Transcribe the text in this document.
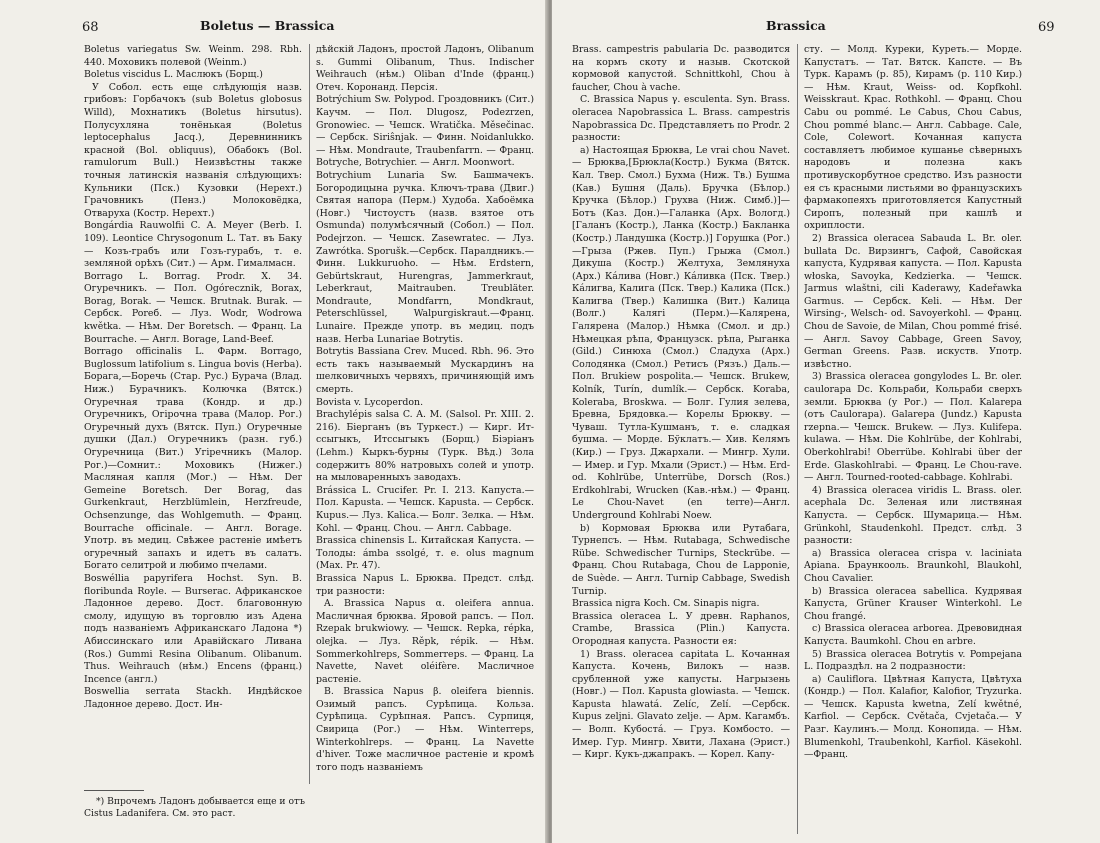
68	Boletus — Brassica

Boletus variegatus Sw. Weinm. 298. Rbh. 440. Моховикъ полевой (Weinm.)

Boletus viscidus L. Маслюкъ (Борщ.)

У Собол. есть еще слѣдующія назв. грибовъ: Горбачокъ (sub Boletus globosus Willd), Мохнатикъ (Boletus hirsutus). Полусухляна тонёнькая (Boletus leptocephalus Jacq.), Деревнинникъ красной (Bol. obliquus), Обабокъ (Bol. ramulorum Bull.) Неизвѣстны также точныя латинскія названія слѣдующихъ: Кульники (Пск.) Кузовки (Нерехт.) Грачовникъ (Пенз.) Молоковёдка, Отваруха (Костр. Нерехт.)

Bongárdia Rauwolfii C. A. Meyer (Berb. I. 109). Leontice Chrysogonum L. Тат. въ Баку — Козъ-грабъ или Гозъ-гурабъ, т. е. земляной орѣхъ (Сит.) — Арм. Гималмасн.

Borrago L. Borrag. Prodr. X. 34. Огуречникъ. — Пол. Ogórecznik, Borax, Borag, Borak. — Чешск. Brutnak. Burak. — Сербск. Poreб. — Луз. Wodr, Wodrowa kwětka. — Нѣм. Der Boretsch. — Франц. La Bourrache. — Англ. Borage, Land-Beef.

Borrago officinalis L. Фарм. Borrago, Buglossum latifolium s. Lingua bovis (Herba). Борага,—Боречь (Стар. Рус.) Бурача (Влад. Ниж.) Бурачникъ. Колючка (Вятск.) Огуречная трава (Кондр. и др.) Огуречникъ, Огірочна трава (Малор. Рог.) Огуречный духъ (Вятск. Пуп.) Огуречные душки (Дал.) Огуречникъ (разн. губ.) Огуречница (Вит.) Угіречникъ (Малор. Рог.)—Сомнит.: Моховикъ (Нижег.) Масляная капля (Мог.) — Нѣм. Der Gemeine Boretsch. Der Borag, das Gurkenkraut, Herzblümlein, Herzfreude, Ochsenzunge, das Wohlgemuth. — Франц. Bourrache officinale. — Англ. Borage. Употр. въ медиц. Свѣжее растеніе имѣетъ огуречный запахъ и идетъ въ салатъ. Богато селитрой и любимо пчелами.

Boswéllia papyrifera Hochst. Syn. B. floribunda Royle. — Burserac. Африканское Ладонное дерево. Дост. благовонную смолу, идущую въ торговлю изъ Адена подъ названіемъ Африканскаго Ладона *) Абиссинскаго или Аравійскаго Ливана (Ros.) Gummi Resina Olibanum. Olibanum. Thus. Weihrauch (нѣм.) Encens (франц.) Incence (англ.)

Boswellia serrata Stackh. Индѣйское Ладонное дерево. Дост. Ин-

дѣйскій Ладонъ, простой Ладонъ, Olibanum s. Gummi Olibanum, Thus. Indischer Weihrauch (нѣм.) Oliban d'Inde (франц.) Отеч. Коронанд. Персія.

Botrýchium Sw. Polypod. Гроздовникъ (Сит.) Каучм. — Пол. Dlugosz, Podezrzen, Gronowiec. — Чешск. Wratička. Měsečinac. — Сербск. Siriŝnjak. — Финн. Noidanlukko. — Нѣм. Mondraute, Traubenfarrn. — Франц. Botryche, Botrychier. — Англ. Moonwort.

Botrychium Lunaria Sw. Башмачекъ. Богородицына ручка. Ключъ-трава (Двиг.) Святая напора (Перм.) Худоба. Хабоёмка (Новг.) Чистоустъ (назв. взятое отъ Osmunda) полумѣсячный (Собол.) — Пол. Podejrzon. — Чешск. Zasewratec. — Луз. Zawrótka. Sporušk.—Сербск. Паралдникъ.—Финн. Lukkuruoho. — Нѣм. Erdstern, Gebürtskraut, Hurengras, Jammerkraut, Leberkraut, Maitrauben. Treubläter. Mondraute, Mondfarrn, Mondkraut, Peterschlüssel, Walpurgiskraut.—Франц. Lunaire. Прежде употр. въ медиц. подъ назв. Herba Lunariae Botrytis.

Botrytis Bassiana Crev. Muced. Rbh. 96. Это есть такъ называемый Мускардинъ на шелковичныхъ червяхъ, причиняющій имъ смерть.

Bovista v. Lycoperdon.

Brachylépis salsa C. A. M. (Salsol. Pr. XIII. 2. 216). Біерганъ (въ Туркест.) — Кирг. Ит-ссыгыкъ, Итссыгыкъ (Борщ.) Біэріанъ (Lehm.) Кыркъ-бурны (Турк. Вѣд.) Зола содержитъ 80% натровыхъ солей и употр. на мыловаренныхъ заводахъ.

Brássica L. Crucifer. Pr. I. 213. Капуста.— Пол. Kapusta. — Чешск. Kapusta. — Сербск. Кupus.— Луз. Kalica.— Болг. Зелка. — Нѣм. Kohl. — Франц. Chou. — Англ. Cabbage.

Brassica chinensis L. Китайская Капуста. — Толоды: ámba ssolgé, т. е. olus magnum (Max. Pr. 47).

Brassica Napus L. Брюква. Предст. слѣд. три разности:

A. Brassica Napus α. oleifera annua. Масличная брюква. Яровой рапсъ. — Пол. Rzepak brukwiowy. — Чешск. Repka, répka, olejka. — Луз. Rěpk, répik. — Нѣм. Sommerkohlreps, Sommerreps. — Франц. La Navette, Navet oléifère. Масличное растеніе.

B. Brassica Napus β. oleifera biennis. Озимый рапсъ. Сурѣпица. Кольза. Сурѣпица. Сурѣпная. Рапсъ. Сурпиця, Свирица (Рог.) — Нѣм. Winterreps, Winterkohlreps. — Франц. La Navette d'hiver. Тоже масличное растеніе и кромѣ того подъ названіемъ

*) Впрочемъ Ладонъ добывается еще и отъ Cistus Ladanifera. См. это раст.
Brassica	69

Brass. campestris pabularia Dc. разводится на кормъ скоту и назыв. Скотской кормовой капустой. Schnittkohl, Chou à faucher, Chou à vache.

C. Brassica Napus γ. esculenta. Syn. Brass. oleracea Napobrassica L. Brass. campestris Napobrassica Dc. Представляетъ по Prodr. 2 разности:

a) Настоящая Брюква, Le vrai chou Navet.— Брюква,[Брюкла(Костр.) Букма (Вятск. Кал. Твер. Смол.) Бухма (Ниж. Тв.) Бушма (Кав.) Бушня (Даль). Бручка (Бѣлор.) Кручка (Бѣлор.) Грухва (Ниж. Симб.)]—Ботъ (Каз. Дон.)—Галанка (Арх. Вологд.) [Галанъ (Костр.), Ланка (Костр.) Бакланка (Костр.) Ландушка (Костр.)] Горушка (Рог.)—Грыза (Ржев. Пуп.) Грыжа (Смол.) Дикуша (Костр.) Желтуха, Землянуха (Арх.) Кáлива (Новг.) Кáливка (Пск. Твер.) Кáлигва, Калига (Пск. Твер.) Калика (Пск.) Калигва (Твер.) Калишка (Вит.) Калица (Волг.) Калягі (Перм.)—Калярена, Галярена (Малор.) Нѣмка (Смол. и др.) Нѣмецкая рѣпа, Французск. рѣпа, Рыганка (Gild.) Синюха (Смол.) Сладуха (Арх.) Солодянка (Смол.) Ретисъ (Рязъ.) Даль.— Пол. Brukiew pospolita.— Чешск. Brukew, Kolník, Turín, dumlík.— Сербск. Koraba, Koleraba, Broskwa. — Болг. Гулия зелева, Бревна, Брядовка.— Корелы Брюкву. — Чуваш. Тутла-Кушманъ, т. е. сладкая бушма. — Морде. Бўклатъ.— Хив. Келямъ (Кир.) — Груз. Джархали. — Мингр. Хули. — Имер. и Гур. Мхали (Эрист.) — Нѣм. Erd- od. Kohlrübe, Unterrübe, Dorsch (Ros.) Erdkohlrabi, Wrucken (Кав.-нѣм.) — Франц. Le Chou-Navet (en terre)—Англ. Underground Kohlrabi Noew.

b) Кормовая Брюква или Рутабага, Турнепсъ. — Нѣм. Rutabaga, Schwedische Rübe. Schwedischer Turnips, Steckrübe. — Франц. Chou Rutabaga, Chou de Lapponie, de Suède. — Англ. Turnip Cabbage, Swedish Turnip.

Brassica nigra Koch. См. Sinapis nigra.

Brassica oleracea L. У древн. Raphanos, Crambe, Brassica (Plin.) Капуста. Огородная капуста. Разности ея:

1) Brass. oleracea capitata L. Кочанная Капуста. Кочень, Вилокъ — назв. срубленной уже капусты. Нагрызень (Новг.) — Пол. Kapusta glowiasta. — Чешск. Kapusta hlawatá. Zelíc, Zelí. —Сербск. Kupus zeljni. Glavato zelje. — Арм. Кагамбъ. — Волп. Кубостá. — Груз. Комбосто. — Имер. Гур. Мингр. Хвити, Лахана (Эрист.) — Кирг. Кукъ-джапракъ. — Корел. Капу-

сту. — Молд. Куреки, Куреть.— Морде. Капустатъ. — Тат. Вятск. Капсте. — Въ Турк. Карамъ (p. 85), Кирамъ (p. 110 Кир.) — Нѣм. Kraut, Weiss- od. Kopfkohl. Weisskraut. Крас. Rothkohl. — Франц. Chou Cabu ou pommé. Le Cabus, Chou Cabus, Chou pommé blanc.— Англ. Cabbage. Cale, Cole, Colewort. Кочанная капуста составляетъ любимое кушанье сѣверныхъ народовъ и полезна какъ противускорбутное средство. Изъ разности ея съ красными листьями во французскихъ фармакопеяхъ приготовляется Капустный Сиропъ, полезный при кашлѣ и охриплости.

2) Brassica oleracea Sabauda L. Br. oler. bullata Dc. Вирзингъ, Сафой, Савойская капуста, Кудрявая капуста. — Пол. Kapusta włoska, Savoyka, Kedzierka. — Чешск. Jarmus wlaštni, cili Kaderawy, Kadeřawka Garmus. — Сербск. Keli. — Нѣм. Der Wirsing-, Welsch- od. Savoyerkohl. — Франц. Chou de Savoie, de Milan, Chou pommé frisé. — Англ. Savoy Cabbage, Green Savoy, German Greens. Разв. искуств. Употр. извѣстно.

3) Brassica oleracea gongylodes L. Br. oler. caulorapa Dc. Кольраби, Кольраби сверхъ земли. Брюква (у Рог.) — Пол. Kalarepa (отъ Caulorapa). Galarepa (Jundz.) Kapusta rzepna.— Чешск. Brukew. — Луз. Kulifepa. kulawa. — Нѣм. Die Kohlrübe, der Kohlrabi, Oberkohlrabi! Oberrübe. Kohlrabi über der Erde. Glaskohlrabi. — Франц. Le Chou-rave. — Англ. Tourned-rooted-cabbage. Kohlrabi.

4) Brassica oleracea viridis L. Brass. oler. acephala Dc. Зеленая или листвяная Капуста. — Сербск. Шумарица.— Нѣм. Grünkohl, Staudenkohl. Предст. слѣд. 3 разности:

a) Brassica oleracea crispa v. laciniata Apiana. Браункооль. Braunkohl, Blaukohl, Chou Cavalier.

b) Brassica oleracea sabellica. Кудрявая Капуста, Grüner Krauser Winterkohl. Le Chou frangé.

c) Brassica oleracea arborea. Древовидная Капуста. Baumkohl. Chou en arbre.

5) Brassica oleracea Botrytis v. Pompejana L. Подраздѣл. на 2 подразности:

a) Cauliflora. Цвѣтная Капуста, Цвѣтуха (Кондр.) — Пол. Kalafior, Kalofior, Tryzurka. — Чешск. Kapusta kwetna, Zelí kwětné, Karfiol. — Сербск. Cvětača, Cvjetača.— У Разг. Каулинъ.— Молд. Конопида. — Нѣм. Blumenkohl, Traubenkohl, Karfiol. Käsekohl.—Франц.
